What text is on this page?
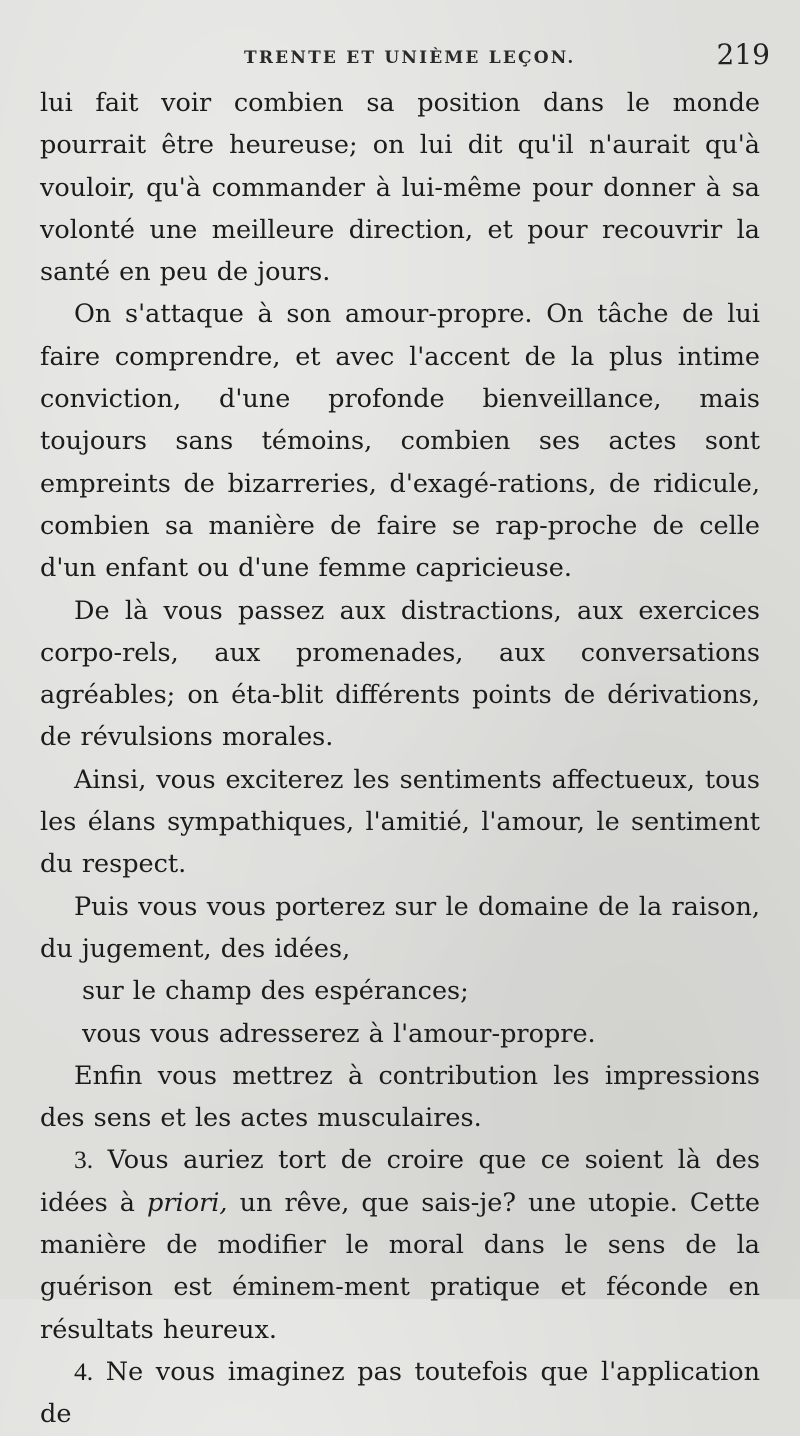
TRENTE ET UNIÈME LEÇON.	219

lui fait voir combien sa position dans le monde pourrait être heureuse; on lui dit qu'il n'aurait qu'à vouloir, qu'à commander à lui-même pour donner à sa volonté une meilleure direction, et pour recouvrir la santé en peu de jours.

On s'attaque à son amour-propre. On tâche de lui faire comprendre, et avec l'accent de la plus intime conviction, d'une profonde bienveillance, mais toujours sans témoins, combien ses actes sont empreints de bizarreries, d'exagé-rations, de ridicule, combien sa manière de faire se rap-proche de celle d'un enfant ou d'une femme capricieuse.

De là vous passez aux distractions, aux exercices corpo-rels, aux promenades, aux conversations agréables; on éta-blit différents points de dérivations, de révulsions morales.

Ainsi, vous exciterez les sentiments affectueux, tous les élans sympathiques, l'amitié, l'amour, le sentiment du respect.

Puis vous vous porterez sur le domaine de la raison, du jugement, des idées,

sur le champ des espérances;

vous vous adresserez à l'amour-propre.

Enfin vous mettrez à contribution les impressions des sens et les actes musculaires.

3. Vous auriez tort de croire que ce soient là des idées à priori, un rêve, que sais-je? une utopie. Cette manière de modifier le moral dans le sens de la guérison est éminem-ment pratique et féconde en résultats heureux.

4. Ne vous imaginez pas toutefois que l'application de
